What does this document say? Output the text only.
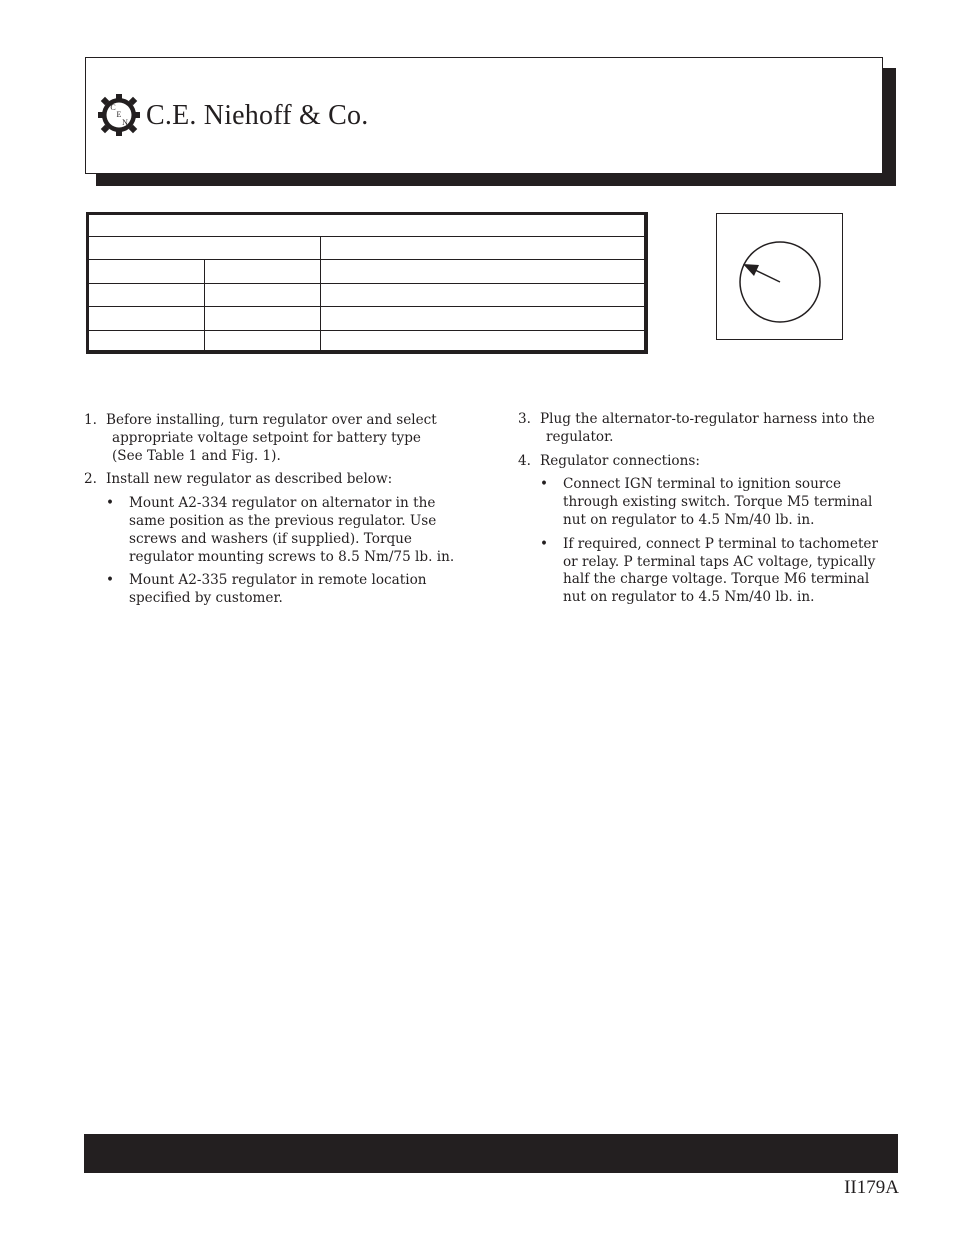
C
E
N C.E. Niehoff & Co.

1. Before installing, turn regulator over and select
appropriate voltage setpoint for battery type
(See Table 1 and Fig. 1).
2. Install new regulator as described below:
• Mount A2-334 regulator on alternator in the
same position as the previous regulator. Use
screws and washers (if supplied). Torque
regulator mounting screws to 8.5 Nm/75 lb. in.
• Mount A2-335 regulator in remote location
specified by customer.
3. Plug the alternator-to-regulator harness into the
regulator.
4. Regulator connections:
• Connect IGN terminal to ignition source
through existing switch. Torque M5 terminal
nut on regulator to 4.5 Nm/40 lb. in.
• If required, connect P terminal to tachometer
or relay. P terminal taps AC voltage, typically
half the charge voltage. Torque M6 terminal
nut on regulator to 4.5 Nm/40 lb. in.
II179A
